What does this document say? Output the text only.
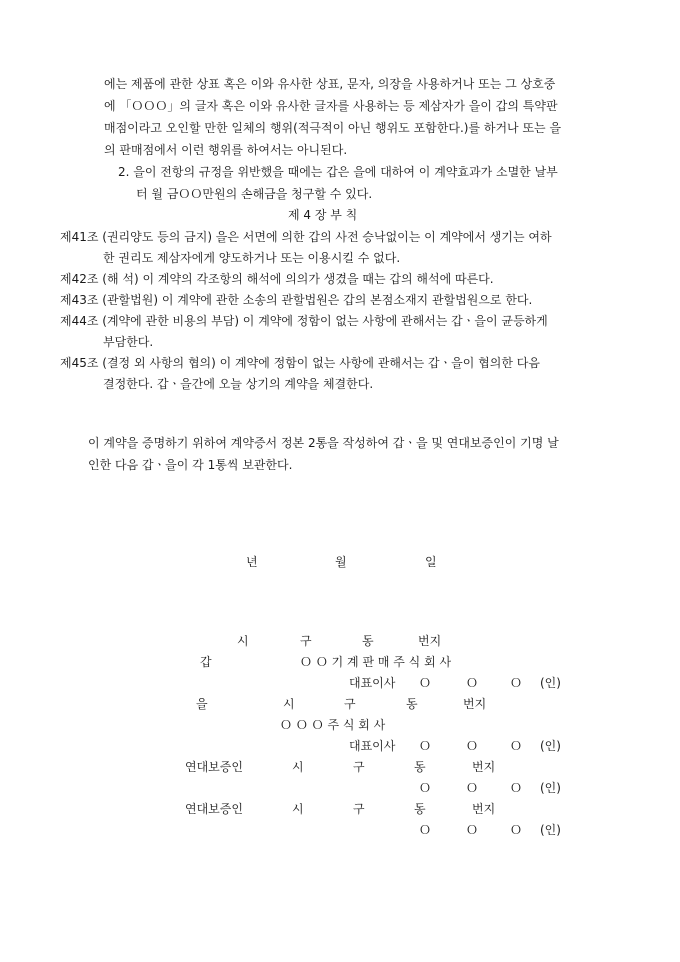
에는 제품에 관한 상표 혹은 이와 유사한 상표, 문자, 의장을 사용하거나 또는 그 상호중
에 「ＯＯＯ」의 글자 혹은 이와 유사한 글자를 사용하는 등 제삼자가 을이 갑의 특약판
매점이라고 오인할 만한 일체의 행위(적극적이 아닌 행위도 포함한다.)를 하거나 또는 을
의 판매점에서 이런 행위를 하여서는 아니된다.
2. 을이 전항의 규정을 위반했을 때에는 갑은 을에 대하여 이 계약효과가 소멸한 날부
터 월 금ＯＯ만원의 손해금을 청구할 수 있다.
제 4 장 부 칙
제41조 (권리양도 등의 금지) 을은 서면에 의한 갑의 사전 승낙없이는 이 계약에서 생기는 여하
한 권리도 제삼자에게 양도하거나 또는 이용시킬 수 없다.
제42조 (해 석) 이 계약의 각조항의 해석에 의의가 생겼을 때는 갑의 해석에 따른다.
제43조 (관할법원) 이 계약에 관한 소송의 관할법원은 갑의 본점소재지 관할법원으로 한다.
제44조 (계약에 관한 비용의 부담) 이 계약에 정함이 없는 사항에 관해서는 갑ㆍ을이 균등하게
부담한다.
제45조 (결정 외 사항의 협의) 이 계약에 정함이 없는 사항에 관해서는 갑ㆍ을이 협의한 다음
결정한다. 갑ㆍ을간에 오늘 상기의 계약을 체결한다.
이 계약을 증명하기 위하여 계약증서 정본 2통을 작성하여 갑ㆍ을 및 연대보증인이 기명 날
인한 다음 갑ㆍ을이 각 1통씩 보관한다.
년	월	일
시	구	동	번지
갑	Ｏ Ｏ 기 계 판 매 주 식 회 사
대표이사 Ｏ	Ｏ	Ｏ (인)
을	시	구	동	번지
Ｏ Ｏ Ｏ 주 식 회 사
대표이사 Ｏ	Ｏ	Ｏ (인)
연대보증인	시	구	동	번지
Ｏ	Ｏ	Ｏ (인)
연대보증인	시	구	동	번지
Ｏ	Ｏ	Ｏ (인)
